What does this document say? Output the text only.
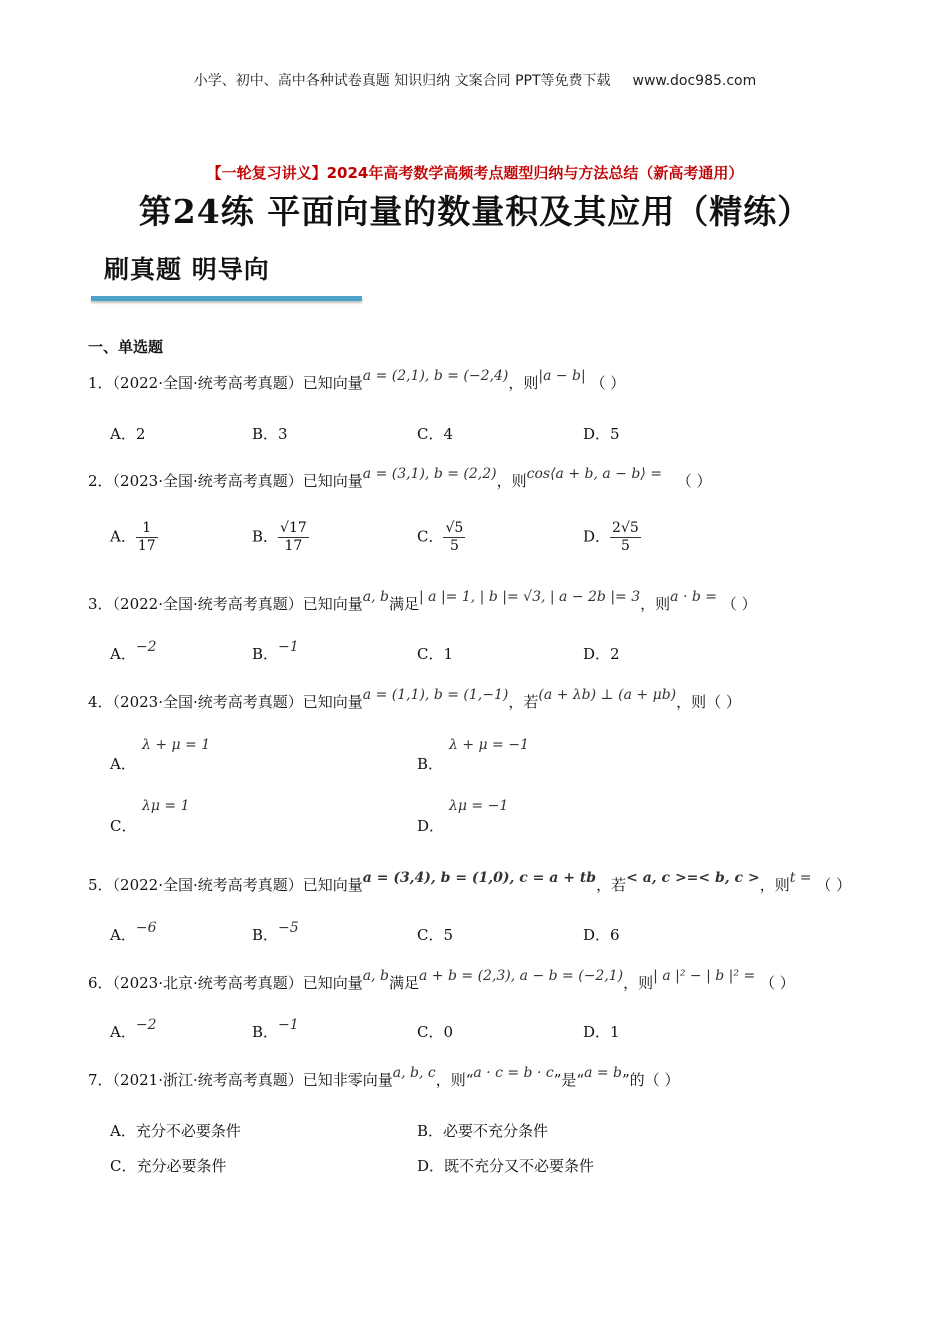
小学、初中、高中各种试卷真题 知识归纳 文案合同 PPT等免费下载 www.doc985.com
【一轮复习讲义】2024年高考数学高频考点题型归纳与方法总结（新高考通用）
第24练 平面向量的数量积及其应用（精练）
刷真题 明导向
一、单选题
1．（2022·全国·统考高考真题）已知向量a = (2,1), b = (−2,4)，则|a − b| （ ）
A．2	B．3	C．4	D．5
2．（2023·全国·统考高考真题）已知向量a = (3,1), b = (2,2)，则cos⟨a + b, a − b⟩ = （ ）
A． $\frac{1}{17}$	B． $\frac{√17}{17}$	C． $\frac{√5}{5}$	D． $\frac{2√5}{5}$
3．（2022·全国·统考高考真题）已知向量a, b满足| a |= 1, | b |= √3, | a − 2b |= 3，则a · b = （ ）
A．−2	B．−1	C．1	D．2
4．（2023·全国·统考高考真题）已知向量a = (1,1), b = (1,−1)，若(a + λb) ⊥ (a + μb)，则（ ）
λ + μ = 1
A．
λ + μ = −1
B．
λμ = 1
C．
λμ = −1
D．
5．（2022·全国·统考高考真题）已知向量a = (3,4), b = (1,0), c = a + tb，若< a, c >=< b, c >，则t = （ ）
A．−6	B．−5	C．5	D．6
6．（2023·北京·统考高考真题）已知向量a, b满足a + b = (2,3), a − b = (−2,1)，则| a |² − | b |² = （ ）
A．−2	B．−1	C．0	D．1
7．（2021·浙江·统考高考真题）已知非零向量a, b, c，则“a · c = b · c”是“a = b”的（ ）
A．充分不必要条件	B．必要不充分条件
C．充分必要条件	D．既不充分又不必要条件
